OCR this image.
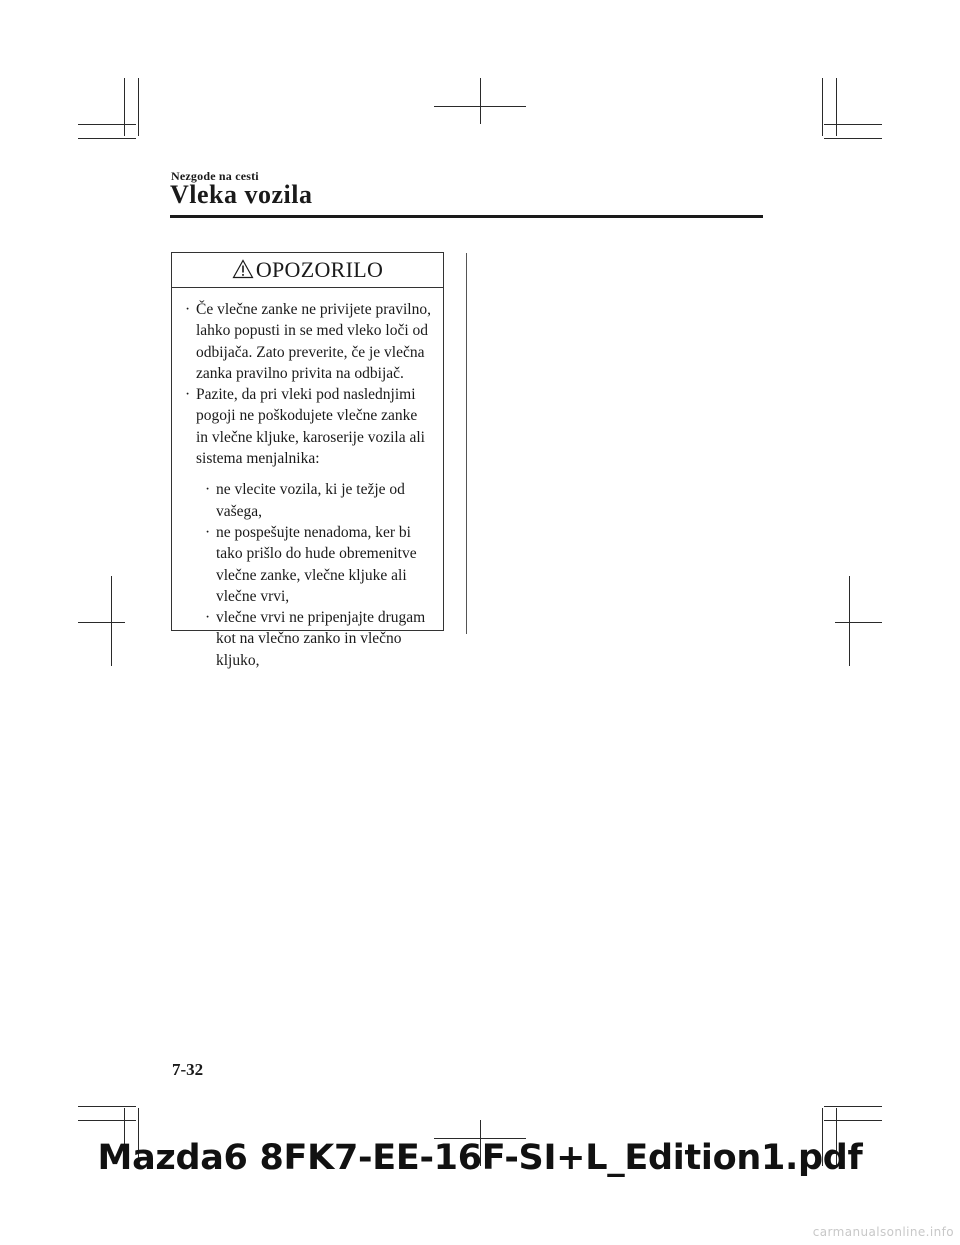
Nezgode na cesti

Vleka vozila
OPOZORILO
· Če vlečne zanke ne privijete pravilno,
lahko popusti in se med vleko loči od
odbijača. Zato preverite, če je vlečna
zanka pravilno privita na odbijač.
· Pazite, da pri vleki pod naslednjimi
pogoji ne poškodujete vlečne zanke
in vlečne kljuke, karoserije vozila ali
sistema menjalnika:
· ne vlecite vozila, ki je težje od
vašega,
· ne pospešujte nenadoma, ker bi
tako prišlo do hude obremenitve
vlečne zanke, vlečne kljuke ali
vlečne vrvi,
· vlečne vrvi ne pripenjajte drugam
kot na vlečno zanko in vlečno
kljuko,
7-32
Mazda6 8FK7-EE-16F-SI+L_Edition1.pdf
carmanualsonline.info
